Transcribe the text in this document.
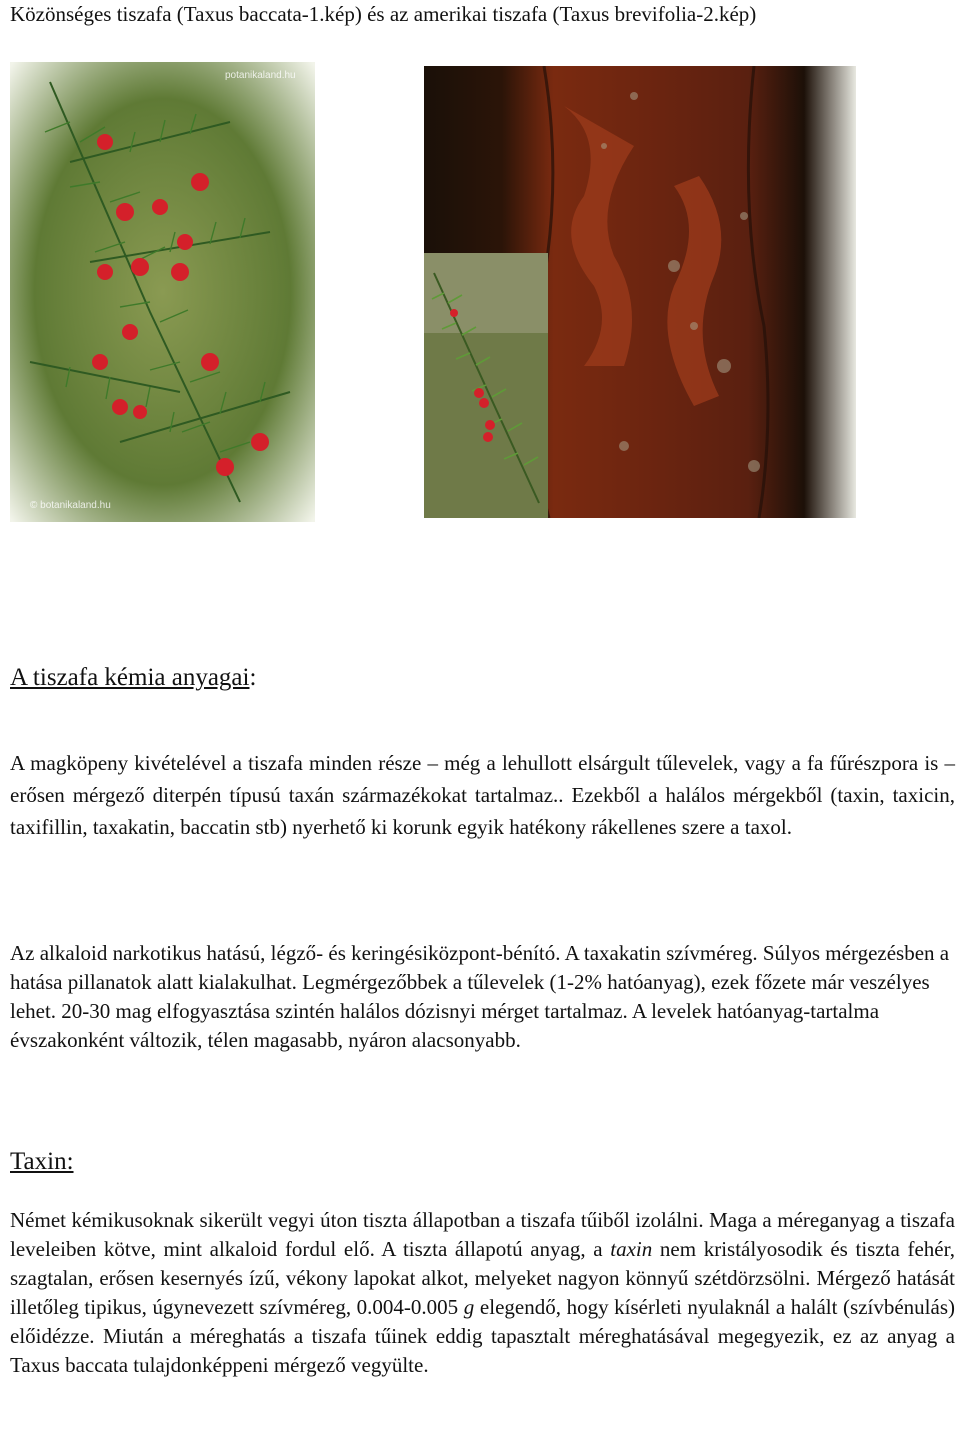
Közönséges tiszafa (Taxus baccata-1.kép) és az amerikai tiszafa (Taxus brevifolia-2.kép)
potanikaland.hu
© botanikaland.hu
A tiszafa kémia anyagai:
A magköpeny kivételével a tiszafa minden része – még a lehullott elsárgult tűlevelek, vagy a fa fűrészpora is – erősen mérgező diterpén típusú taxán származékokat tartalmaz.. Ezekből a halálos mérgekből (taxin, taxicin, taxifillin, taxakatin, baccatin stb) nyerhető ki korunk egyik hatékony rákellenes szere a taxol.
Az alkaloid narkotikus hatású, légző- és keringésiközpont-bénító. A taxakatin szívméreg. Súlyos mérgezésben a hatása pillanatok alatt kialakulhat. Legmérgezőbbek a tűlevelek (1-2% hatóanyag), ezek főzete már veszélyes lehet. 20-30 mag elfogyasztása szintén halálos dózisnyi mérget tartalmaz. A levelek hatóanyag-tartalma évszakonként változik, télen magasabb, nyáron alacsonyabb.
Taxin:
Német kémikusoknak sikerült vegyi úton tiszta állapotban a tiszafa tűiből izolálni. Maga a méreganyag a tiszafa leveleiben kötve, mint alkaloid fordul elő. A tiszta állapotú anyag, a taxin nem kristályosodik és tiszta fehér, szagtalan, erősen kesernyés ízű, vékony lapokat alkot, melyeket nagyon könnyű szétdörzsölni. Mérgező hatását illetőleg tipikus, úgynevezett szívméreg, 0.004-0.005 g elegendő, hogy kísérleti nyulaknál a halált (szívbénulás) előidézze. Miután a méreghatás a tiszafa tűinek eddig tapasztalt méreghatásával megegyezik, ez az anyag a Taxus baccata tulajdonképpeni mérgező vegyülte.
